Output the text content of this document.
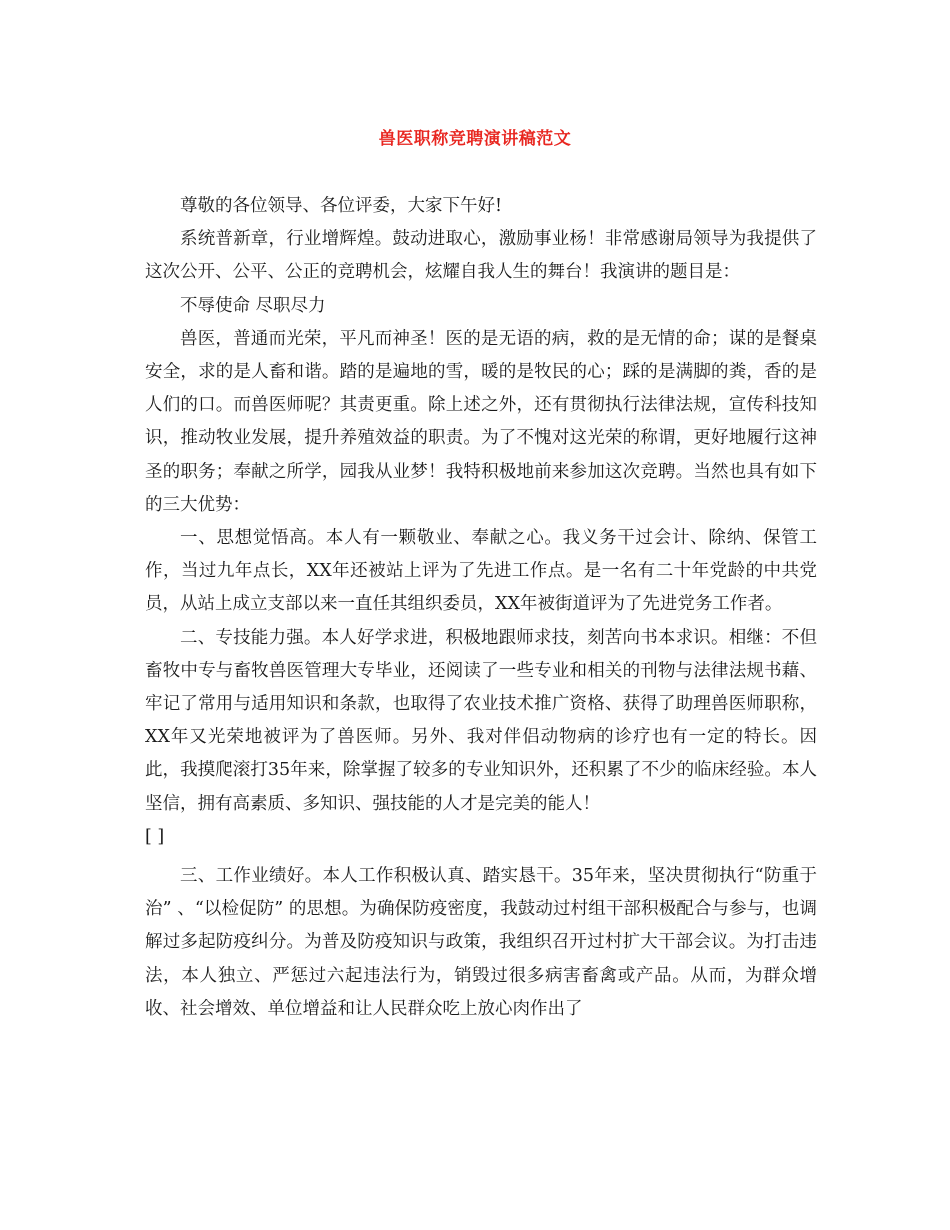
兽医职称竞聘演讲稿范文

尊敬的各位领导、各位评委，大家下午好!

系统普新章，行业增辉煌。鼓动进取心，激励事业杨！非常感谢局领导为我提供了这次公开、公平、公正的竞聘机会，炫耀自我人生的舞台！我演讲的题目是：

不辱使命 尽职尽力

兽医，普通而光荣，平凡而神圣！医的是无语的病，救的是无情的命；谋的是餐桌安全，求的是人畜和谐。踏的是遍地的雪，暖的是牧民的心；踩的是满脚的粪，香的是人们的口。而兽医师呢？其责更重。除上述之外，还有贯彻执行法律法规，宣传科技知识，推动牧业发展，提升养殖效益的职责。为了不愧对这光荣的称谓，更好地履行这神圣的职务；奉献之所学，园我从业梦！我特积极地前来参加这次竞聘。当然也具有如下的三大优势：

一、思想觉悟高。本人有一颗敬业、奉献之心。我义务干过会计、除纳、保管工作，当过九年点长，XX年还被站上评为了先进工作点。是一名有二十年党龄的中共党员，从站上成立支部以来一直任其组织委员，XX年被街道评为了先进党务工作者。

二、专技能力强。本人好学求进，积极地跟师求技，刻苦向书本求识。相继：不但畜牧中专与畜牧兽医管理大专毕业，还阅读了一些专业和相关的刊物与法律法规书藉、牢记了常用与适用知识和条款，也取得了农业技术推广资格、获得了助理兽医师职称，XX年又光荣地被评为了兽医师。另外、我对伴侣动物病的诊疗也有一定的特长。因此，我摸爬滚打35年来，除掌握了较多的专业知识外，还积累了不少的临床经验。本人坚信，拥有高素质、多知识、强技能的人才是完美的能人！

[ ]

三、工作业绩好。本人工作积极认真、踏实恳干。35年来，坚决贯彻执行“防重于治” 、“以检促防” 的思想。为确保防疫密度，我鼓动过村组干部积极配合与参与，也调解过多起防疫纠分。为普及防疫知识与政策，我组织召开过村扩大干部会议。为打击违法，本人独立、严惩过六起违法行为，销毁过很多病害畜禽或产品。从而，为群众增收、社会增效、单位增益和让人民群众吃上放心肉作出了
